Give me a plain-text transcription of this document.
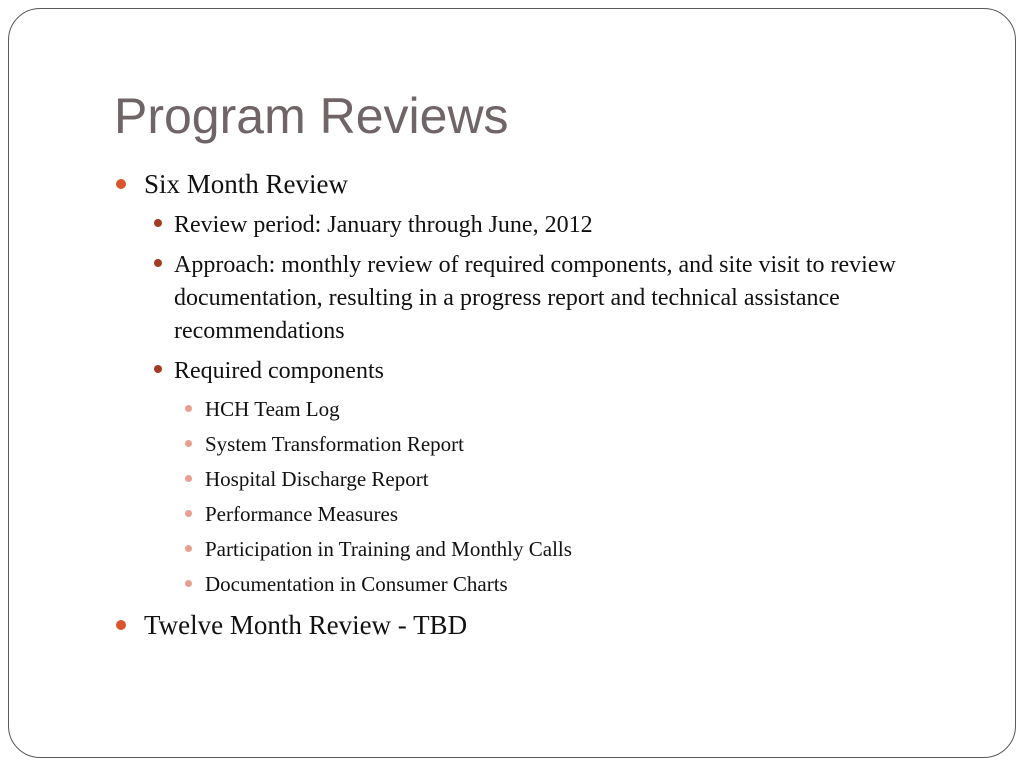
Program Reviews
Six Month Review
Review period: January through June, 2012
Approach: monthly review of required components, and site visit to review documentation, resulting in a progress report and technical assistance recommendations
Required components
HCH Team Log
System Transformation Report
Hospital Discharge Report
Performance Measures
Participation in Training and Monthly Calls
Documentation in Consumer Charts
Twelve Month Review - TBD
